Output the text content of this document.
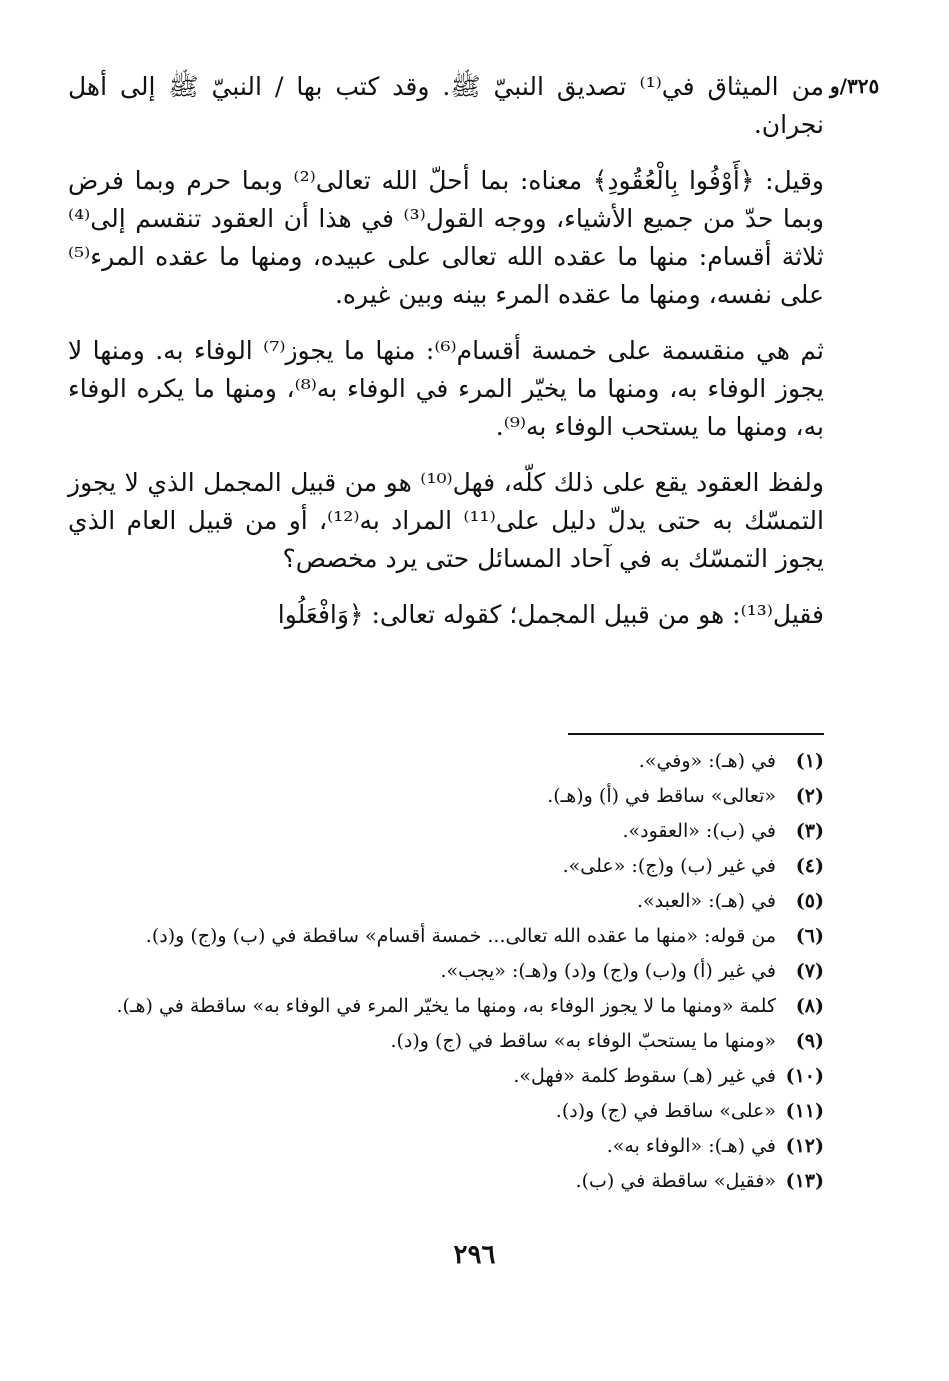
٣٢٥/و

من الميثاق في⁽¹⁾ تصديق النبيّ ﷺ. وقد كتب بها / النبيّ ﷺ إلى أهل نجران.

وقيل: ﴿أَوْفُوا بِالْعُقُودِ﴾ معناه: بما أحلّ الله تعالى⁽²⁾ وبما حرم وبما فرض وبما حدّ من جميع الأشياء، ووجه القول⁽³⁾ في هذا أن العقود تنقسم إلى⁽⁴⁾ ثلاثة أقسام: منها ما عقده الله تعالى على عبيده، ومنها ما عقده المرء⁽⁵⁾ على نفسه، ومنها ما عقده المرء بينه وبين غيره.

ثم هي منقسمة على خمسة أقسام⁽⁶⁾: منها ما يجوز⁽⁷⁾ الوفاء به. ومنها لا يجوز الوفاء به، ومنها ما يخيّر المرء في الوفاء به⁽⁸⁾، ومنها ما يكره الوفاء به، ومنها ما يستحب الوفاء به⁽⁹⁾.

ولفظ العقود يقع على ذلك كلّه، فهل⁽¹⁰⁾ هو من قبيل المجمل الذي لا يجوز التمسّك به حتى يدلّ دليل على⁽¹¹⁾ المراد به⁽¹²⁾، أو من قبيل العام الذي يجوز التمسّك به في آحاد المسائل حتى يرد مخصص؟

فقيل⁽¹³⁾: هو من قبيل المجمل؛ كقوله تعالى: ﴿وَافْعَلُوا

(١)
في (هـ): «وفي».
(٢)
«تعالى» ساقط في (أ) و(هـ).
(٣)
في (ب): «العقود».
(٤)
في غير (ب) و(ج): «على».
(٥)
في (هـ): «العبد».
(٦)
من قوله: «منها ما عقده الله تعالى... خمسة أقسام» ساقطة في (ب) و(ج) و(د).
(٧)
في غير (أ) و(ب) و(ج) و(د) و(هـ): «يجب».
(٨)
كلمة «ومنها ما لا يجوز الوفاء به، ومنها ما يخيّر المرء في الوفاء به» ساقطة في (هـ).
(٩)
«ومنها ما يستحبّ الوفاء به» ساقط في (ج) و(د).
(١٠)
في غير (هـ) سقوط كلمة «فهل».
(١١)
«على» ساقط في (ج) و(د).
(١٢)
في (هـ): «الوفاء به».
(١٣)
«فقيل» ساقطة في (ب).
٢٩٦
